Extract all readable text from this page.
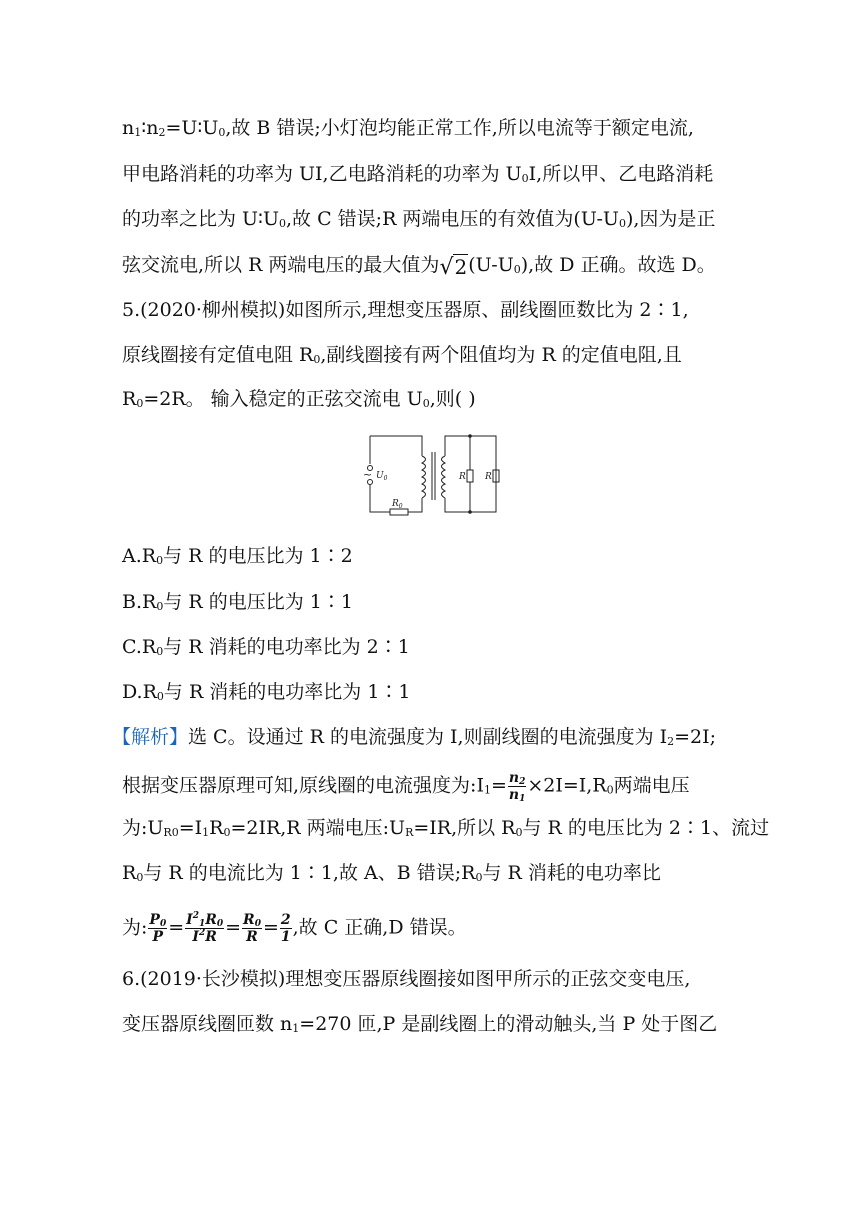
$n_1∶n_2=U∶U_0$,故 B 错误;小灯泡均能正常工作,所以电流等于额定电流,
甲电路消耗的功率为 UI,乙电路消耗的功率为 $U_0I$,所以甲、乙电路消耗
的功率之比为 $U∶U_0$,故 C 错误;R 两端电压的有效值为$(U-U_0)$,因为是正
弦交流电,所以 R 两端电压的最大值为$√2(U-U_0)$,故 D 正确。故选 D。
5.(2020·柳州模拟)如图所示,理想变压器原、副线圈匝数比为 2∶1,
原线圈接有定值电阻 $R_0$,副线圈接有两个阻值均为 R 的定值电阻,且
$R_0=2R$。 输入稳定的正弦交流电 $U_0$,则( )
~ $U_0$
$R_0$
R R
$A.R_0$与 R 的电压比为 1∶2
$B.R_0$与 R 的电压比为 1∶1
$C.R_0$与 R 消耗的电功率比为 2∶1
$D.R_0$与 R 消耗的电功率比为 1∶1
【解析】选 C。设通过 R 的电流强度为 I,则副线圈的电流强度为 $I_2=2I$;
根据变压器原理可知,原线圈的电流强度为$:I_1= \frac{n_2}{n_1} \times 2I=I,R_0$两端电压
为$:U_{R0}=I_1R_0=2IR,R$ 两端电压$:U_R=IR$,所以 $R_0$与 R 的电压比为 2∶1、流过
$R_0$与 R 的电流比为 1∶1,故 A、B 错误$;R_0$与 R 消耗的电功率比
为: $\frac{P_0}{P} = \frac{I^2_1R_0}{I^2R} = \frac{R_0}{R} = \frac{2}{1}$ ,故 C 正确,D 错误。
6.(2019·长沙模拟)理想变压器原线圈接如图甲所示的正弦交变电压,
变压器原线圈匝数 $n_1=270$ 匝,P 是副线圈上的滑动触头,当 P 处于图乙
